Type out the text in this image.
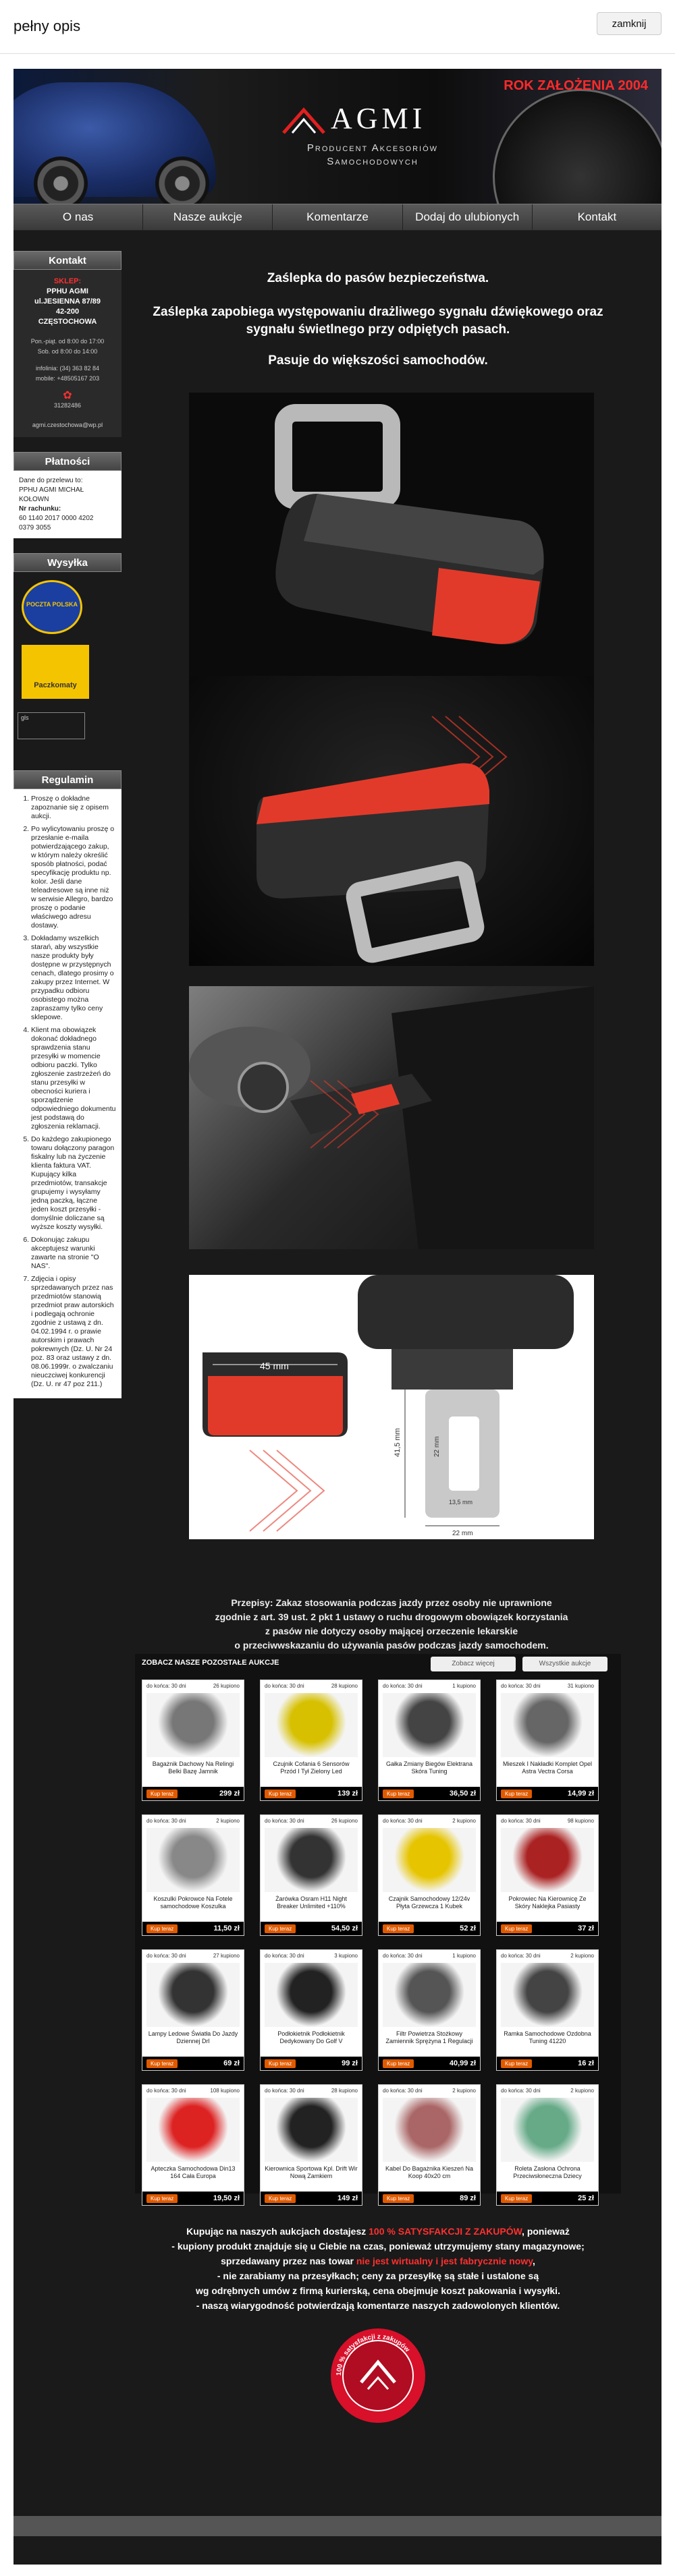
pełny opis	zamknij
AGMI
Producent Akcesoriów
Samochodowych
ROK ZAŁOŻENIA 2004
O nas	Nasze aukcje	Komentarze	Dodaj do ulubionych	Kontakt
Kontakt
SKLEP:
PPHU AGMI
ul.JESIENNA 87/89
42-200
CZĘSTOCHOWA
Pon.-piąt. od 8:00 do 17:00
Sob. od 8:00 do 14:00
infolinia: (34) 363 82 84
mobile: +48505167 203
✿
31282486
agmi.czestochowa@wp.pl
Płatności
Dane do przelewu to:
PPHU AGMI MICHAŁ
KOŁOWN
Nr rachunku:
60 1140 2017 0000 4202
0379 3055
Wysyłka
POCZTA POLSKA
Paczkomaty
gls
Regulamin
1. Proszę o dokładne zapoznanie się z opisem aukcji.
2. Po wylicytowaniu proszę o przesłanie e-maila potwierdzającego zakup, w którym należy określić sposób płatności, podać specyfikację produktu np. kolor. Jeśli dane teleadresowe są inne niż w serwisie Allegro, bardzo proszę o podanie właściwego adresu dostawy.
3. Dokładamy wszelkich starań, aby wszystkie nasze produkty były dostępne w przystępnych cenach, dlatego prosimy o zakupy przez Internet. W przypadku odbioru osobistego można zapraszamy tylko ceny sklepowe.
4. Klient ma obowiązek dokonać dokładnego sprawdzenia stanu przesyłki w momencie odbioru paczki. Tylko zgłoszenie zastrzeżeń do stanu przesyłki w obecności kuriera i sporządzenie odpowiedniego dokumentu jest podstawą do zgłoszenia reklamacji.
5. Do każdego zakupionego towaru dołączony paragon fiskalny lub na życzenie klienta faktura VAT. Kupujący kilka przedmiotów, transakcje grupujemy i wysyłamy jedną paczką, łączne jeden koszt przesyłki - domyślnie doliczane są wyższe koszty wysyłki.
6. Dokonując zakupu akceptujesz warunki zawarte na stronie "O NAS".
7. Zdjęcia i opisy sprzedawanych przez nas przedmiotów stanowią przedmiot praw autorskich i podlegają ochronie zgodnie z ustawą z dn. 04.02.1994 r. o prawie autorskim i prawach pokrewnych (Dz. U. Nr 24 poz. 83 oraz ustawy z dn. 08.06.1999r. o zwalczaniu nieuczciwej konkurencji (Dz. U. nr 47 poz 211.)
Zaślepka do pasów bezpieczeństwa.
Zaślepka zapobiega występowaniu drażliwego sygnału dźwiękowego oraz sygnału świetlnego przy odpiętych pasach.
Pasuje do większości samochodów.
45 mm
41,5 mm	22 mm
13,5 mm
22 mm
Przepisy: Zakaz stosowania podczas jazdy przez osoby nie uprawnione
zgodnie z art. 39 ust. 2 pkt 1 ustawy o ruchu drogowym obowiązek korzystania
z pasów nie dotyczy osoby mającej orzeczenie lekarskie
o przeciwwskazaniu do używania pasów podczas jazdy samochodem.
ZOBACZ NASZE POZOSTAŁE AUKCJE	Zobacz więcej	Wszystkie aukcje
do końca: 30 dni	26 kupiono
Bagażnik Dachowy Na Relingi Belki Bazę Jamnik
Kup teraz	299 zł
do końca: 30 dni	28 kupiono
Czujnik Cofania 6 Sensorów Przód I Tył Zielony Led
Kup teraz	139 zł
do końca: 30 dni	1 kupiono
Gałka Zmiany Biegów Elektrana Skóra Tuning
Kup teraz	36,50 zł
do końca: 30 dni	31 kupiono
Mieszek I Nakładki Komplet Opel Astra Vectra Corsa
Kup teraz	14,99 zł
do końca: 30 dni	2 kupiono
Koszulki Pokrowce Na Fotele samochodowe Koszulka
Kup teraz	11,50 zł
do końca: 30 dni	26 kupiono
Żarówka Osram H11 Night Breaker Unlimited +110%
Kup teraz	54,50 zł
do końca: 30 dni	2 kupiono
Czajnik Samochodowy 12/24v Płyta Grzewcza 1 Kubek
Kup teraz	52 zł
do końca: 30 dni	98 kupiono
Pokrowiec Na Kierownicę Ze Skóry Naklejka Pasiasty
Kup teraz	37 zł
do końca: 30 dni	27 kupiono
Lampy Ledowe Światła Do Jazdy Dziennej Drl
Kup teraz	69 zł
do końca: 30 dni	3 kupiono
Podłokietnik Podłokietnik Dedykowany Do Golf V
Kup teraz	99 zł
do końca: 30 dni	1 kupiono
Filtr Powietrza Stożkowy Zamiennik Sprężyna 1 Regulacji
Kup teraz	40,99 zł
do końca: 30 dni	2 kupiono
Ramka Samochodowe Ozdobna Tuning 41220
Kup teraz	16 zł
do końca: 30 dni	108 kupiono
Apteczka Samochodowa Din13 164 Cała Europa
Kup teraz	19,50 zł
do końca: 30 dni	28 kupiono
Kierownica Sportowa Kpl. Drift Wir Nową Zamkiem
Kup teraz	149 zł
do końca: 30 dni	2 kupiono
Kabel Do Bagażnika Kieszeń Na Koop 40x20 cm
Kup teraz	89 zł
do końca: 30 dni	2 kupiono
Roleta Zasłona Ochrona Przeciwsłoneczna Dziecy
Kup teraz	25 zł
Kupując na naszych aukcjach dostajesz 100 % SATYSFAKCJI Z ZAKUPÓW, ponieważ
- kupiony produkt znajduje się u Ciebie na czas, ponieważ utrzymujemy stany magazynowe;
sprzedawany przez nas towar nie jest wirtualny i jest fabrycznie nowy,
- nie zarabiamy na przesyłkach; ceny za przesyłkę są stałe i ustalone są
wg odrębnych umów z firmą kurierską, cena obejmuje koszt pakowania i wysyłki.
- naszą wiarygodność potwierdzają komentarze naszych zadowolonych klientów.
100 % satysfakcji z zakupów
